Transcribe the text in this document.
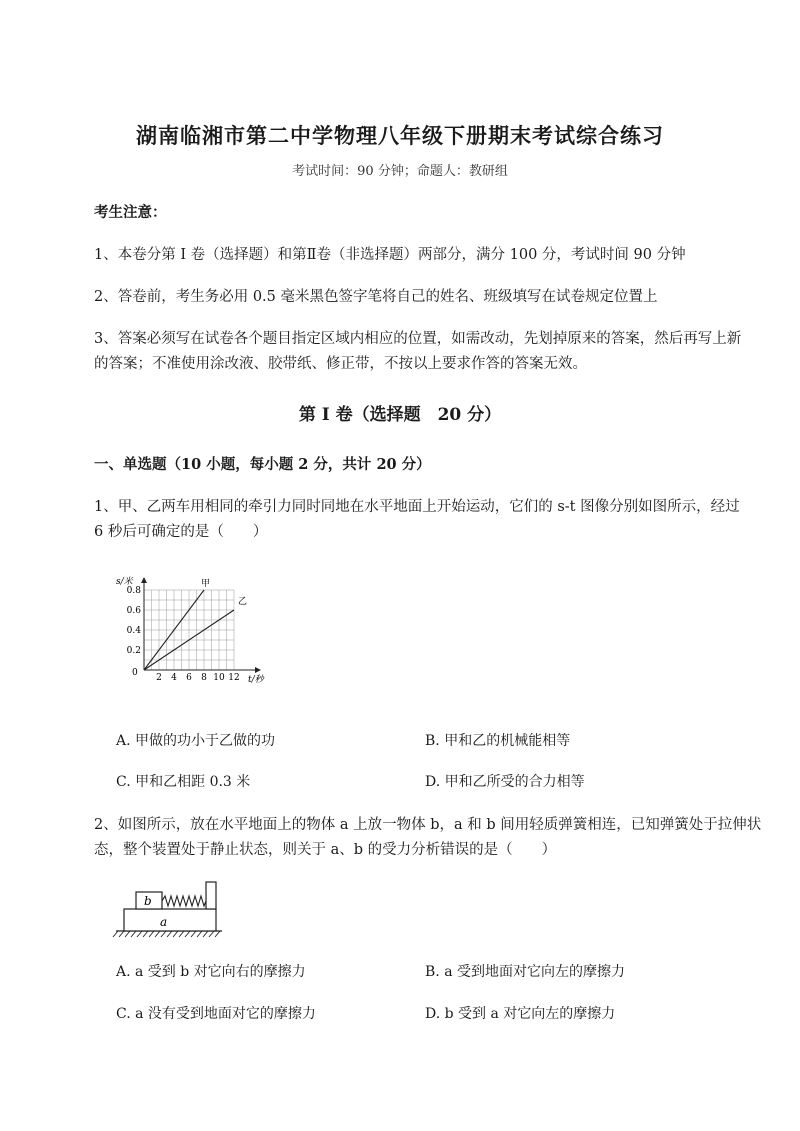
湖南临湘市第二中学物理八年级下册期末考试综合练习
考试时间：90 分钟；命题人：教研组
考生注意：
1、本卷分第 I 卷（选择题）和第Ⅱ卷（非选择题）两部分，满分 100 分，考试时间 90 分钟
2、答卷前，考生务必用 0.5 毫米黑色签字笔将自己的姓名、班级填写在试卷规定位置上
3、答案必须写在试卷各个题目指定区域内相应的位置，如需改动，先划掉原来的答案，然后再写上新
的答案；不准使用涂改液、胶带纸、修正带，不按以上要求作答的答案无效。
第 I 卷（选择题　20 分）
一、单选题（10 小题，每小题 2 分，共计 20 分）
1、甲、乙两车用相同的牵引力同时同地在水平地面上开始运动，它们的 s-t 图像分别如图所示，经过
6 秒后可确定的是（　　）
甲
乙
2 4 6 8 10 12
0.2
0.4
0.6
0.8
s/米
t/秒
0
A. 甲做的功小于乙做的功	B. 甲和乙的机械能相等
C. 甲和乙相距 0.3 米	D. 甲和乙所受的合力相等
2、如图所示，放在水平地面上的物体 a 上放一物体 b，a 和 b 间用轻质弹簧相连，已知弹簧处于拉伸状
态，整个装置处于静止状态，则关于 a、b 的受力分析错误的是（　　）
b
a
A. a 受到 b 对它向右的摩擦力	B. a 受到地面对它向左的摩擦力
C. a 没有受到地面对它的摩擦力	D. b 受到 a 对它向左的摩擦力
